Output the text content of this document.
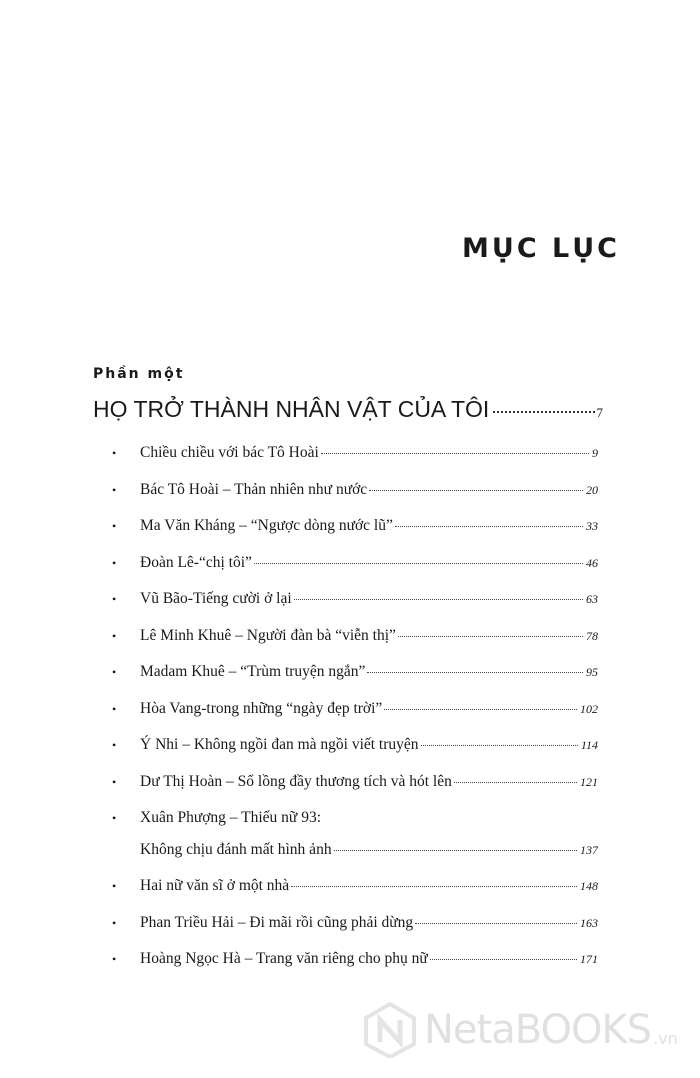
MỤC LỤC
Phần một
HỌ TRỞ THÀNH NHÂN VẬT CỦA TÔI	7
• Chiều chiều với bác Tô Hoài	9
• Bác Tô Hoài – Thản nhiên như nước	20
• Ma Văn Kháng – “Ngược dòng nước lũ”	33
• Đoàn Lê-“chị tôi”	46
• Vũ Bão-Tiếng cười ở lại	63
• Lê Minh Khuê – Người đàn bà “viễn thị”	78
• Madam Khuê – “Trùm truyện ngắn”	95
• Hòa Vang-trong những “ngày đẹp trời”	102
• Ý Nhi – Không ngồi đan mà ngồi viết truyện	114
• Dư Thị Hoàn – Sổ lồng đầy thương tích và hót lên	121
• Xuân Phượng – Thiếu nữ 93:
Không chịu đánh mất hình ảnh	137
• Hai nữ văn sĩ ở một nhà	148
• Phan Triều Hải – Đi mãi rồi cũng phải dừng	163
• Hoàng Ngọc Hà – Trang văn riêng cho phụ nữ	171
NetaBOOKS .vn
